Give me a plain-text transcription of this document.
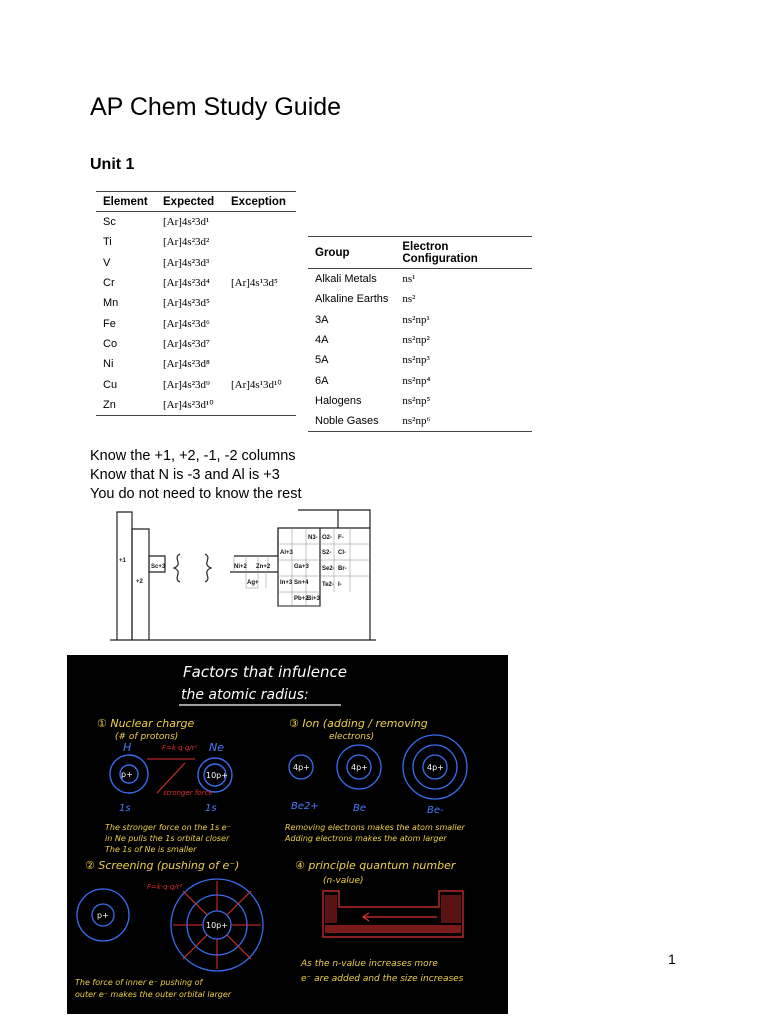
AP Chem Study Guide
Unit 1
Element	Expected	Exception
Sc	[Ar]4s²3d¹	
Ti	[Ar]4s²3d²	
V	[Ar]4s²3d³	
Cr	[Ar]4s²3d⁴	[Ar]4s¹3d⁵
Mn	[Ar]4s²3d⁵	
Fe	[Ar]4s²3d⁶	
Co	[Ar]4s²3d⁷	
Ni	[Ar]4s²3d⁸	
Cu	[Ar]4s²3d⁹	[Ar]4s¹3d¹⁰
Zn	[Ar]4s²3d¹⁰	
Group	Electron Configuration
Alkali Metals	ns¹
Alkaline Earths	ns²
3A	ns²np¹
4A	ns²np²
5A	ns²np³
6A	ns²np⁴
Halogens	ns²np⁵
Noble Gases	ns²np⁶
Know the +1, +2, -1, -2 columns
Know that N is -3 and Al is +3
You do not need to know the rest
+1
+2
Sc+3	Ni+2 Zn+2
Ag+
Al+3
Ga+3
In+3 Sn+4
Pb+2
Bi+3
N3- O2- F-
S2- Cl-
Se2- Br-
Te2- I-
Factors that infulence
the atomic radius:
① Nuclear charge
(# of protons)
H	Ne
F=k·q·q/r²
p+	10p+
1s	1s
stronger force
The stronger force on the 1s e⁻
in Ne pulls the 1s orbital closer
The 1s of Ne is smaller
③ Ion (adding / removing
electrons)
4p+	4p+	4p+
Be2+	Be	Be-
Removing electrons makes the atom smaller
Adding electrons makes the atom larger
② Screening (pushing of e⁻)
F=k·q·q/r²
p+
10p+
The force of inner e⁻ pushing of
outer e⁻ makes the outer orbital larger
④ principle quantum number
(n-value)
As the n-value increases more
e⁻ are added and the size increases
1
